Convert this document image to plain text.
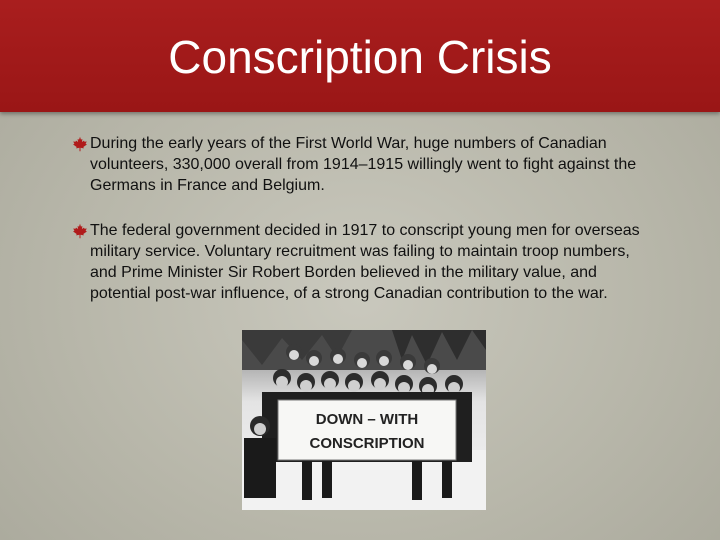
Conscription Crisis
During the early years of the First World War, huge numbers of Canadian volunteers, 330,000 overall from 1914–1915 willingly went to fight against the Germans in France and Belgium.
The federal government decided in 1917 to conscript young men for overseas military service. Voluntary recruitment was failing to maintain troop numbers, and Prime Minister Sir Robert Borden believed in the military value, and potential post-war influence, of a strong Canadian contribution to the war.
DOWN – WITH
CONSCRIPTION
